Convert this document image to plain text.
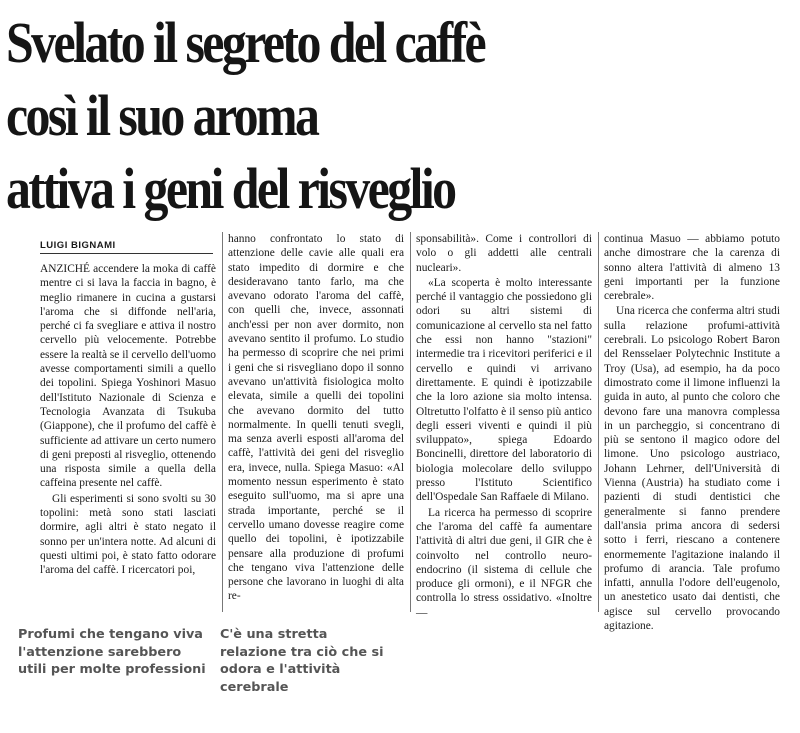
Svelato il segreto del caffè
così il suo aroma
attiva i geni del risveglio
LUIGI BIGNAMI

ANZICHÉ accendere la moka di caffè mentre ci si lava la faccia in bagno, è meglio rimanere in cucina a gustarsi l'aroma che si diffonde nell'aria, perché ci fa svegliare e attiva il nostro cervello più velocemente. Potrebbe essere la realtà se il cervello dell'uomo avesse comportamenti simili a quello dei topolini. Spiega Yoshinori Masuo dell'Istituto Nazionale di Scienza e Tecnologia Avanzata di Tsukuba (Giappone), che il profumo del caffè è sufficiente ad attivare un certo numero di geni preposti al risveglio, ottenendo una risposta simile a quella della caffeina presente nel caffè.

Gli esperimenti si sono svolti su 30 topolini: metà sono stati lasciati dormire, agli altri è stato negato il sonno per un'intera notte. Ad alcuni di questi ultimi poi, è stato fatto odorare l'aroma del caffè. I ricercatori poi,

hanno confrontato lo stato di attenzione delle cavie alle quali era stato impedito di dormire e che desideravano tanto farlo, ma che avevano odorato l'aroma del caffè, con quelli che, invece, assonnati anch'essi per non aver dormito, non avevano sentito il profumo. Lo studio ha permesso di scoprire che nei primi i geni che si risvegliano dopo il sonno avevano un'attività fisiologica molto elevata, simile a quelli dei topolini che avevano dormito del tutto normalmente. In quelli tenuti svegli, ma senza averli esposti all'aroma del caffè, l'attività dei geni del risveglio era, invece, nulla. Spiega Masuo: «Al momento nessun esperimento è stato eseguito sull'uomo, ma si apre una strada importante, perché se il cervello umano dovesse reagire come quello dei topolini, è ipotizzabile pensare alla produzione di profumi che tengano viva l'attenzione delle persone che lavorano in luoghi di alta re-

sponsabilità». Come i controllori di volo o gli addetti alle centrali nucleari».

«La scoperta è molto interessante perché il vantaggio che possiedono gli odori su altri sistemi di comunicazione al cervello sta nel fatto che essi non hanno "stazioni" intermedie tra i ricevitori periferici e il cervello e quindi vi arrivano direttamente. E quindi è ipotizzabile che la loro azione sia molto intensa. Oltretutto l'olfatto è il senso più antico degli esseri viventi e quindi il più sviluppato», spiega Edoardo Boncinelli, direttore del laboratorio di biologia molecolare dello sviluppo presso l'Istituto Scientifico dell'Ospedale San Raffaele di Milano.

La ricerca ha permesso di scoprire che l'aroma del caffè fa aumentare l'attività di altri due geni, il GIR che è coinvolto nel controllo neuro-endocrino (il sistema di cellule che produce gli ormoni), e il NFGR che controlla lo stress ossidativo. «Inoltre —

continua Masuo — abbiamo potuto anche dimostrare che la carenza di sonno altera l'attività di almeno 13 geni importanti per la funzione cerebrale».

Una ricerca che conferma altri studi sulla relazione profumi-attività cerebrali. Lo psicologo Robert Baron del Rensselaer Polytechnic Institute a Troy (Usa), ad esempio, ha da poco dimostrato come il limone influenzi la guida in auto, al punto che coloro che devono fare una manovra complessa in un parcheggio, si concentrano di più se sentono il magico odore del limone. Uno psicologo austriaco, Johann Lehrner, dell'Università di Vienna (Austria) ha studiato come i pazienti di studi dentistici che generalmente si fanno prendere dall'ansia prima ancora di sedersi sotto i ferri, riescano a contenere enormemente l'agitazione inalando il profumo di arancia. Tale profumo infatti, annulla l'odore dell'eugenolo, un anestetico usato dai dentisti, che agisce sul cervello provocando agitazione.

Profumi che tengano viva l'attenzione sarebbero utili per molte professioni
C'è una stretta relazione tra ciò che si odora e l'attività cerebrale
